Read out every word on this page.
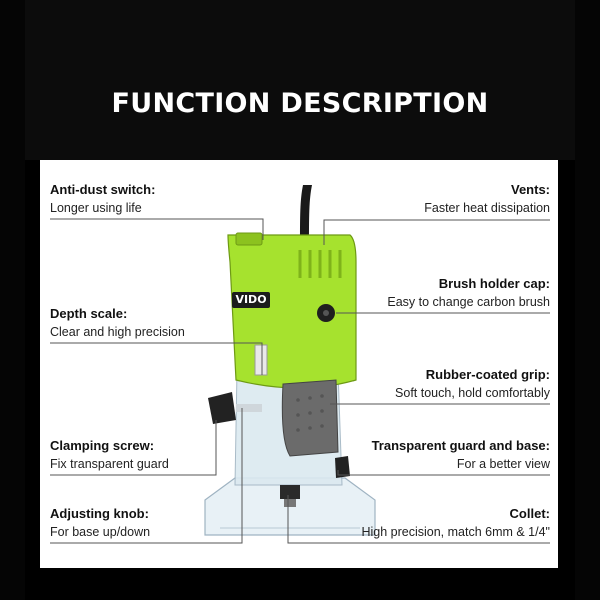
FUNCTION DESCRIPTION
VIDO
Anti-dust switch:
Longer using life
Depth scale:
Clear and high precision
Clamping screw:
Fix transparent guard
Adjusting knob:
For base up/down
Vents:
Faster heat dissipation
Brush holder cap:
Easy to change carbon brush
Rubber-coated grip:
Soft touch, hold comfortably
Transparent guard and base:
For a better view
Collet:
High precision, match 6mm & 1/4"
